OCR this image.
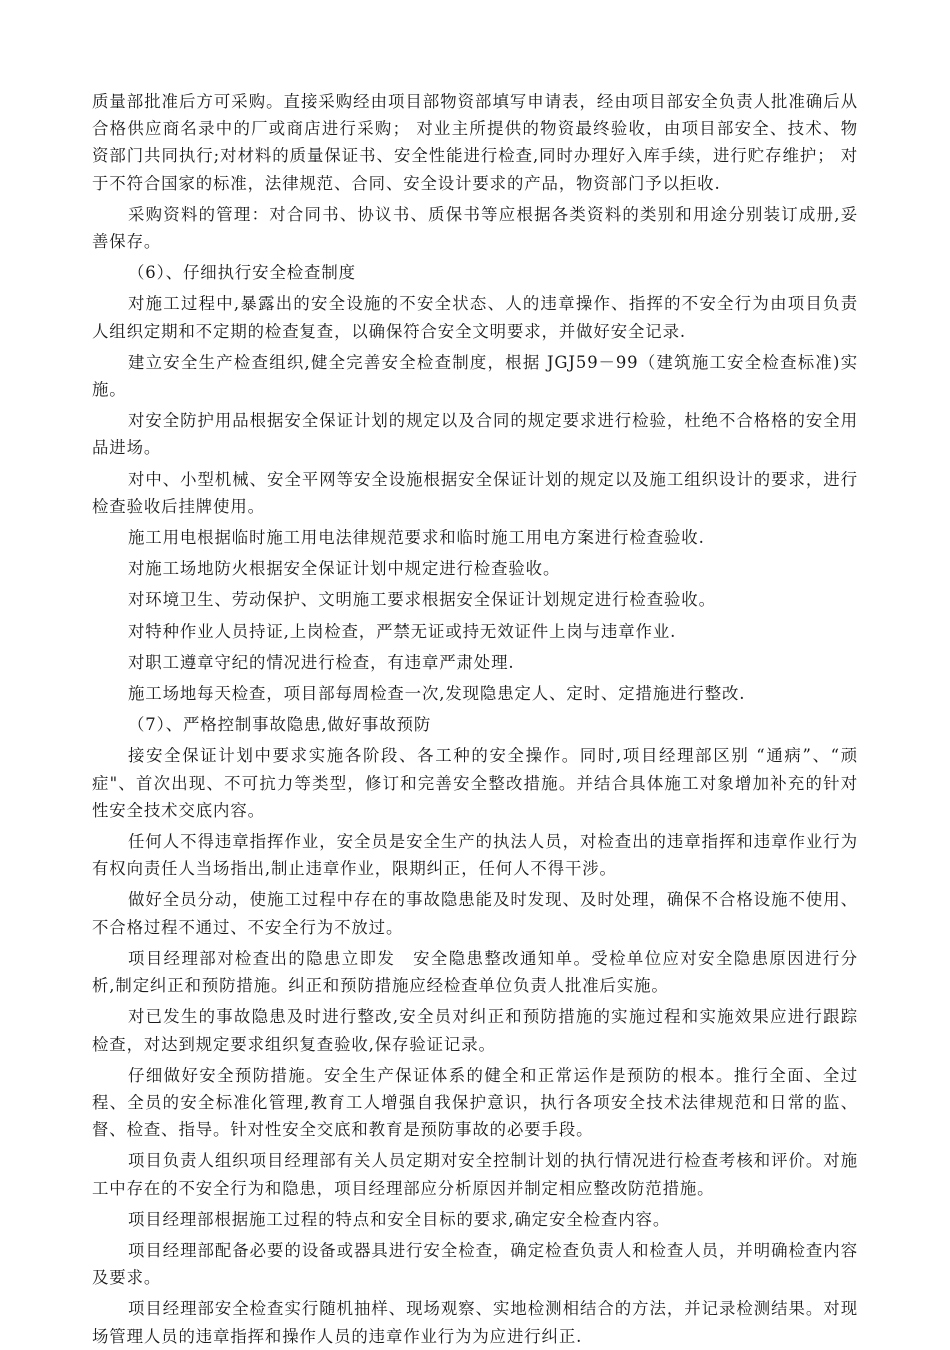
质量部批准后方可采购。直接采购经由项目部物资部填写申请表，经由项目部安全负责人批准确后从合格供应商名录中的厂或商店进行采购； 对业主所提供的物资最终验收，由项目部安全、技术、物资部门共同执行;对材料的质量保证书、安全性能进行检查,同时办理好入库手续，进行贮存维护； 对于不符合国家的标准，法律规范、合同、安全设计要求的产品，物资部门予以拒收.

采购资料的管理：对合同书、协议书、质保书等应根据各类资料的类别和用途分别装订成册,妥善保存。

（6）、仔细执行安全检查制度

对施工过程中,暴露出的安全设施的不安全状态、人的违章操作、指挥的不安全行为由项目负责人组织定期和不定期的检查复查，以确保符合安全文明要求，并做好安全记录.

建立安全生产检查组织,健全完善安全检查制度，根据 JGJ59－99（建筑施工安全检查标准)实施。

对安全防护用品根据安全保证计划的规定以及合同的规定要求进行检验，杜绝不合格格的安全用品进场。

对中、小型机械、安全平网等安全设施根据安全保证计划的规定以及施工组织设计的要求，进行检查验收后挂牌使用。

施工用电根据临时施工用电法律规范要求和临时施工用电方案进行检查验收.

对施工场地防火根据安全保证计划中规定进行检查验收。

对环境卫生、劳动保护、文明施工要求根据安全保证计划规定进行检查验收。

对特种作业人员持证,上岗检查，严禁无证或持无效证件上岗与违章作业.

对职工遵章守纪的情况进行检查，有违章严肃处理.

施工场地每天检查，项目部每周检查一次,发现隐患定人、定时、定措施进行整改.

（7）、严格控制事故隐患,做好事故预防

接安全保证计划中要求实施各阶段、各工种的安全操作。同时,项目经理部区别 “通病”、“顽症"、首次出现、不可抗力等类型，修订和完善安全整改措施。并结合具体施工对象增加补充的针对性安全技术交底内容。

任何人不得违章指挥作业，安全员是安全生产的执法人员，对检查出的违章指挥和违章作业行为有权向责任人当场指出,制止违章作业，限期纠正，任何人不得干涉。

做好全员分动，使施工过程中存在的事故隐患能及时发现、及时处理，确保不合格设施不使用、不合格过程不通过、不安全行为不放过。

项目经理部对检查出的隐患立即发　安全隐患整改通知单。受检单位应对安全隐患原因进行分析,制定纠正和预防措施。纠正和预防措施应经检查单位负责人批准后实施。

对已发生的事故隐患及时进行整改,安全员对纠正和预防措施的实施过程和实施效果应进行跟踪检查，对达到规定要求组织复查验收,保存验证记录。

仔细做好安全预防措施。安全生产保证体系的健全和正常运作是预防的根本。推行全面、全过程、全员的安全标准化管理,教育工人增强自我保护意识，执行各项安全技术法律规范和日常的监、督、检查、指导。针对性安全交底和教育是预防事故的必要手段。

项目负责人组织项目经理部有关人员定期对安全控制计划的执行情况进行检查考核和评价。对施工中存在的不安全行为和隐患，项目经理部应分析原因并制定相应整改防范措施。

项目经理部根据施工过程的特点和安全目标的要求,确定安全检查内容。

项目经理部配备必要的设备或器具进行安全检查，确定检查负责人和检查人员，并明确检查内容及要求。

项目经理部安全检查实行随机抽样、现场观察、实地检测相结合的方法，并记录检测结果。对现场管理人员的违章指挥和操作人员的违章作业行为为应进行纠正.
